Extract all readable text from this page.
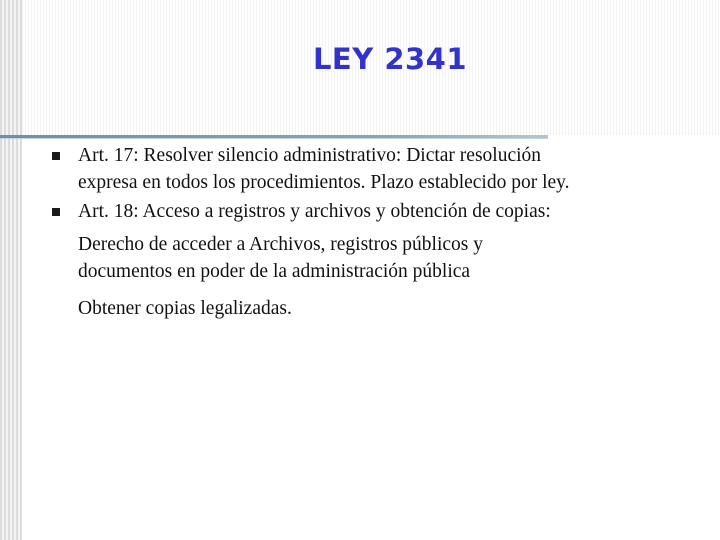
LEY 2341
Art. 17: Resolver silencio administrativo: Dictar resolución
expresa en todos los procedimientos. Plazo establecido por ley.
Art. 18: Acceso a registros y archivos y obtención de copias:
Derecho de acceder a Archivos, registros públicos y
documentos en poder de la administración pública
Obtener copias legalizadas.
